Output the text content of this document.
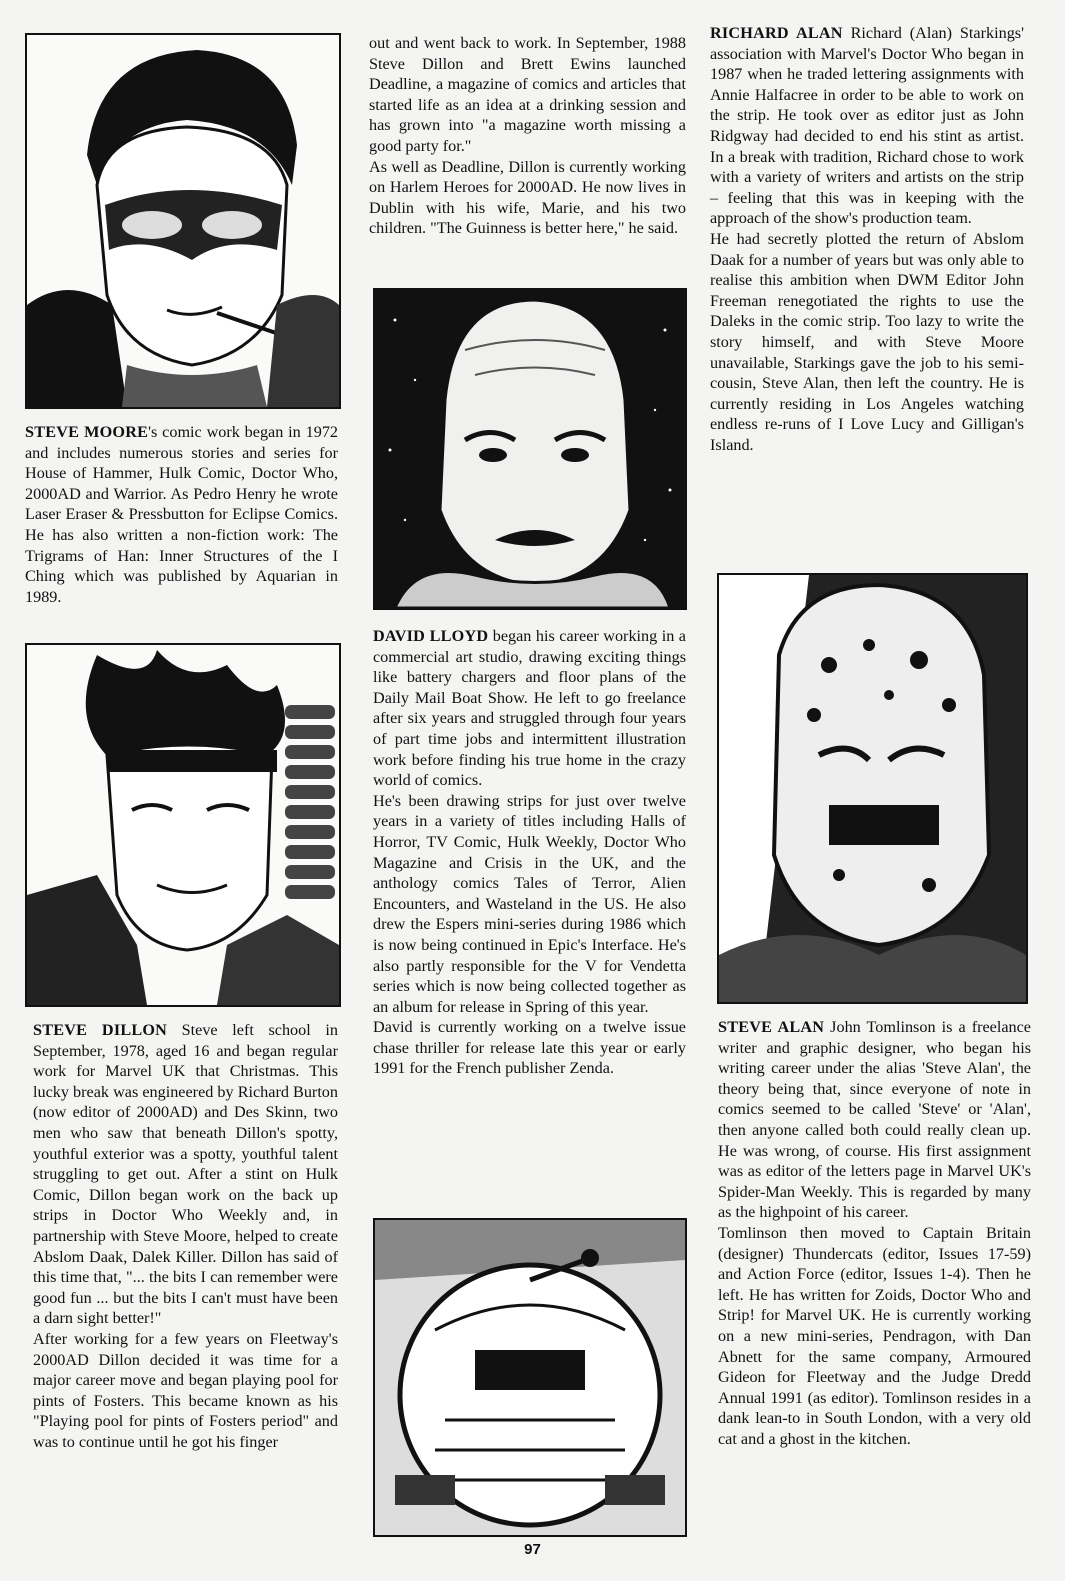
STEVE MOORE's comic work began in 1972 and includes numerous stories and series for House of Hammer, Hulk Comic, Doctor Who, 2000AD and Warrior. As Pedro Henry he wrote Laser Eraser & Pressbutton for Eclipse Comics. He has also written a non-fiction work: The Trigrams of Han: Inner Structures of the I Ching which was published by Aquarian in 1989.

STEVE DILLON Steve left school in September, 1978, aged 16 and began regular work for Marvel UK that Christmas. This lucky break was engineered by Richard Burton (now editor of 2000AD) and Des Skinn, two men who saw that beneath Dillon's spotty, youthful exterior was a spotty, youthful talent struggling to get out. After a stint on Hulk Comic, Dillon began work on the back up strips in Doctor Who Weekly and, in partnership with Steve Moore, helped to create Abslom Daak, Dalek Killer. Dillon has said of this time that, "... the bits I can remember were good fun ... but the bits I can't must have been a darn sight better!"

After working for a few years on Fleetway's 2000AD Dillon decided it was time for a major career move and began playing pool for pints of Fosters. This became known as his "Playing pool for pints of Fosters period" and was to continue until he got his finger

out and went back to work. In September, 1988 Steve Dillon and Brett Ewins launched Deadline, a magazine of comics and articles that started life as an idea at a drinking session and has grown into "a magazine worth missing a good party for."

As well as Deadline, Dillon is currently working on Harlem Heroes for 2000AD. He now lives in Dublin with his wife, Marie, and his two children. "The Guinness is better here," he said.

DAVID LLOYD began his career working in a commercial art studio, drawing exciting things like battery chargers and floor plans of the Daily Mail Boat Show. He left to go freelance after six years and struggled through four years of part time jobs and intermittent illustration work before finding his true home in the crazy world of comics.

He's been drawing strips for just over twelve years in a variety of titles including Halls of Horror, TV Comic, Hulk Weekly, Doctor Who Magazine and Crisis in the UK, and the anthology comics Tales of Terror, Alien Encounters, and Wasteland in the US. He also drew the Espers mini-series during 1986 which is now being continued in Epic's Interface. He's also partly responsible for the V for Vendetta series which is now being collected together as an album for release in Spring of this year.

David is currently working on a twelve issue chase thriller for release late this year or early 1991 for the French publisher Zenda.

RICHARD ALAN Richard (Alan) Starkings' association with Marvel's Doctor Who began in 1987 when he traded lettering assignments with Annie Halfacree in order to be able to work on the strip. He took over as editor just as John Ridgway had decided to end his stint as artist. In a break with tradition, Richard chose to work with a variety of writers and artists on the strip – feeling that this was in keeping with the approach of the show's production team.

He had secretly plotted the return of Abslom Daak for a number of years but was only able to realise this ambition when DWM Editor John Freeman renegotiated the rights to use the Daleks in the comic strip. Too lazy to write the story himself, and with Steve Moore unavailable, Starkings gave the job to his semi-cousin, Steve Alan, then left the country. He is currently residing in Los Angeles watching endless re-runs of I Love Lucy and Gilligan's Island.

STEVE ALAN John Tomlinson is a freelance writer and graphic designer, who began his writing career under the alias 'Steve Alan', the theory being that, since everyone of note in comics seemed to be called 'Steve' or 'Alan', then anyone called both could really clean up. He was wrong, of course. His first assignment was as editor of the letters page in Marvel UK's Spider-Man Weekly. This is regarded by many as the highpoint of his career.

Tomlinson then moved to Captain Britain (designer) Thundercats (editor, Issues 17-59) and Action Force (editor, Issues 1-4). Then he left. He has written for Zoids, Doctor Who and Strip! for Marvel UK. He is currently working on a new mini-series, Pendragon, with Dan Abnett for the same company, Armoured Gideon for Fleetway and the Judge Dredd Annual 1991 (as editor). Tomlinson resides in a dank lean-to in South London, with a very old cat and a ghost in the kitchen.

97
